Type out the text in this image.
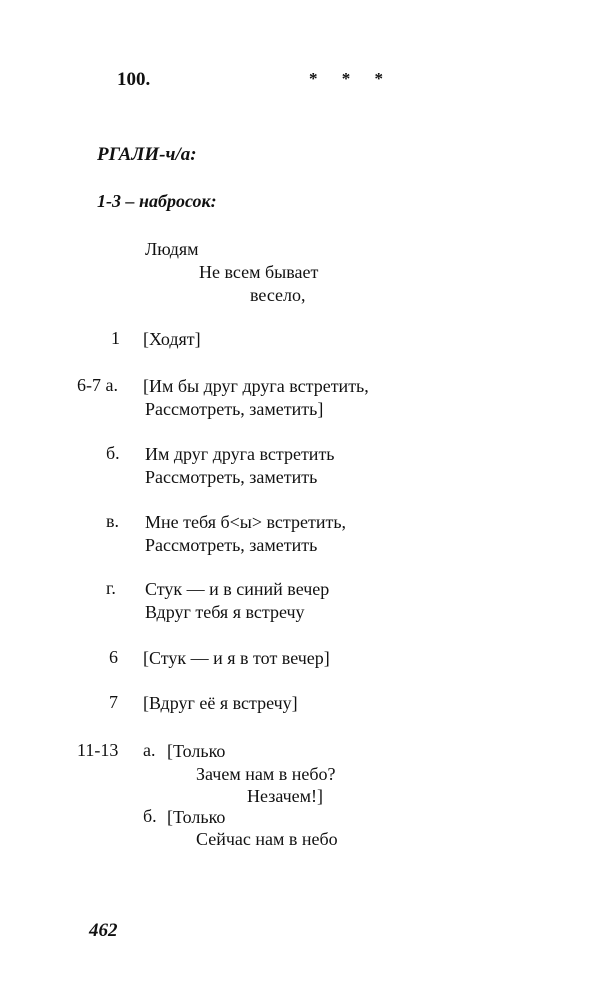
100.	* * *
РГАЛИ-ч/а:
1-3 – набросок:
Людям
Не всем бывает
весело,
1 [Ходят]
6-7 а. [Им бы друг друга встретить,
Рассмотреть, заметить]
б. Им друг друга встретить
Рассмотреть, заметить
в. Мне тебя б<ы> встретить,
Рассмотреть, заметить
г. Стук — и в синий вечер
Вдруг тебя я встречу
6 [Стук — и я в тот вечер]
7 [Вдруг её я встречу]
11-13 а. [Только
Зачем нам в небо?
Незачем!]
б. [Только
Сейчас нам в небо
462
